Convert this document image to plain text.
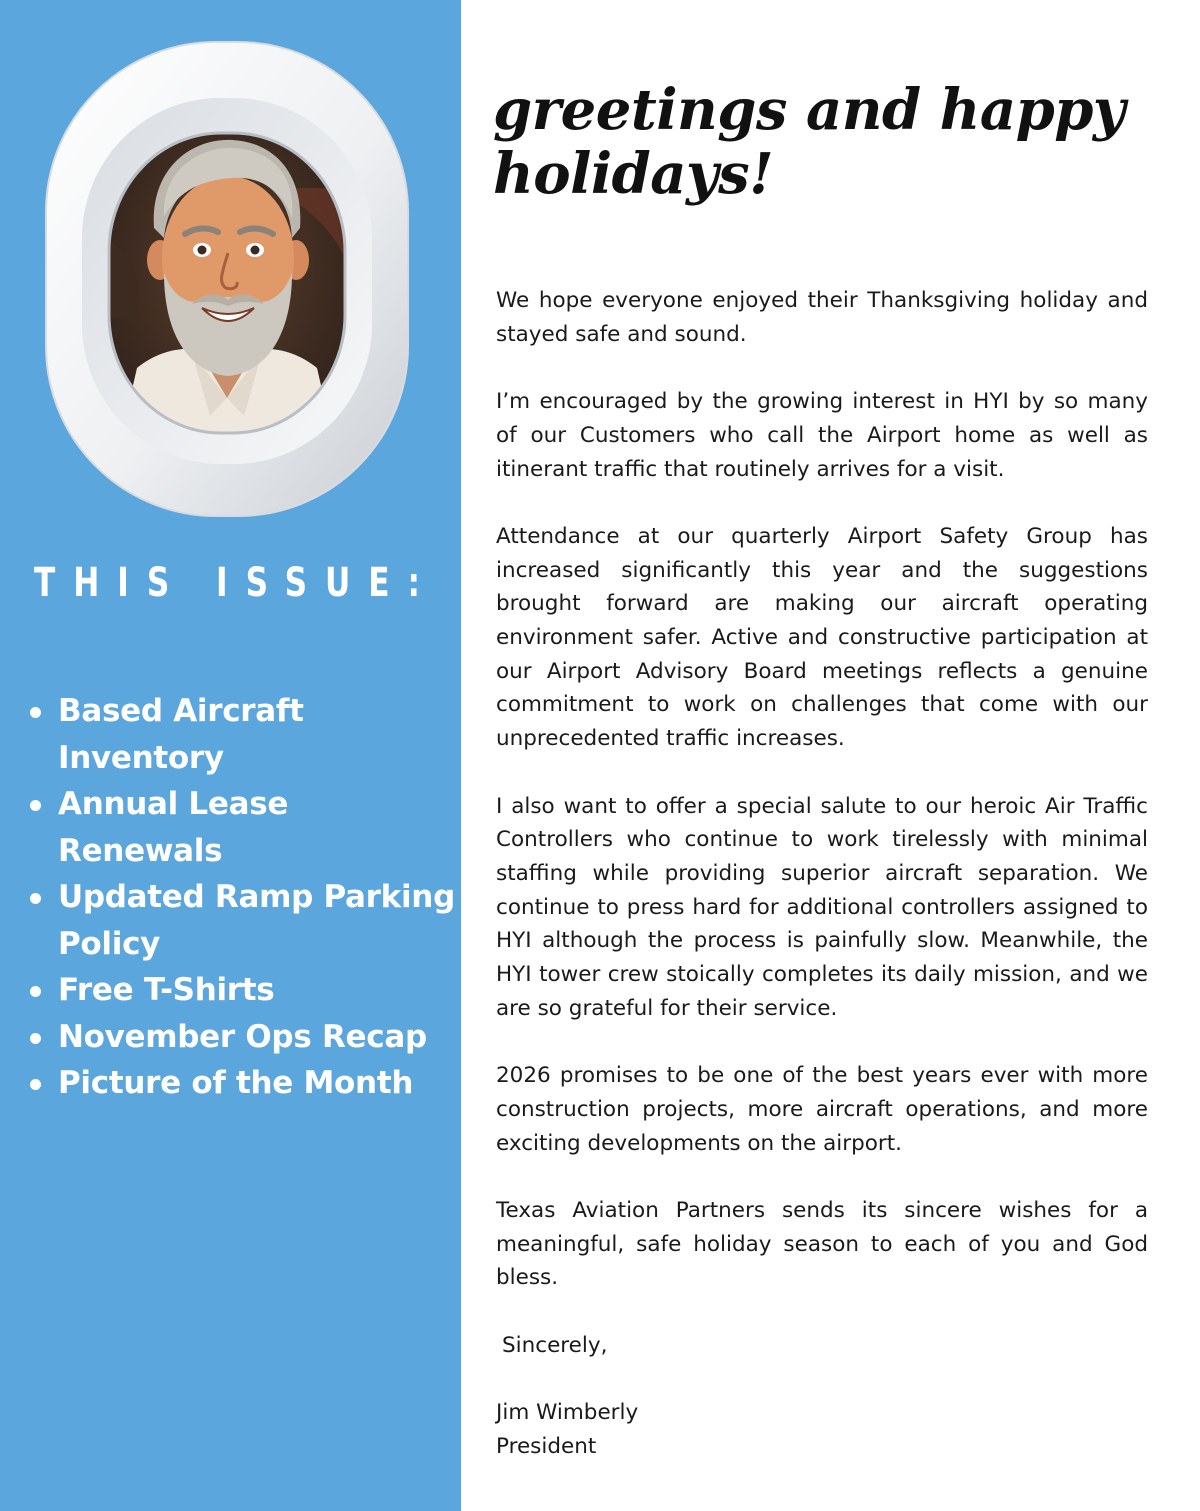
THIS ISSUE:
Based Aircraft Inventory
Annual Lease Renewals
Updated Ramp Parking Policy
Free T-Shirts
November Ops Recap
Picture of the Month
greetings and happy holidays!

We hope everyone enjoyed their Thanksgiving holiday and stayed safe and sound.

I’m encouraged by the growing interest in HYI by so many of our Customers who call the Airport home as well as itinerant traffic that routinely arrives for a visit.

Attendance at our quarterly Airport Safety Group has increased significantly this year and the suggestions brought forward are making our aircraft operating environment safer. Active and constructive participation at our Airport Advisory Board meetings reflects a genuine commitment to work on challenges that come with our unprecedented traffic increases.

I also want to offer a special salute to our heroic Air Traffic Controllers who continue to work tirelessly with minimal staffing while providing superior aircraft separation. We continue to press hard for additional controllers assigned to HYI although the process is painfully slow. Meanwhile, the HYI tower crew stoically completes its daily mission, and we are so grateful for their service.

2026 promises to be one of the best years ever with more construction projects, more aircraft operations, and more exciting developments on the airport.

Texas Aviation Partners sends its sincere wishes for a meaningful, safe holiday season to each of you and God bless.

Sincerely,

Jim Wimberly

President
